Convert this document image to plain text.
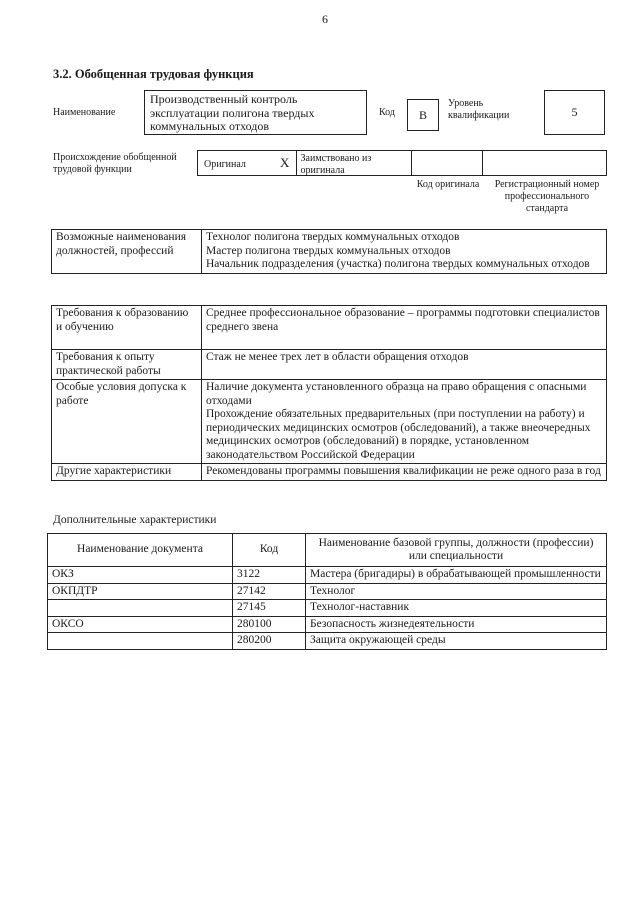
6
3.2. Обобщенная трудовая функция
Наименование
Производственный контроль эксплуатации полигона твердых коммунальных отходов
Код	В
Уровень квалификации	5
Происхождение обобщенной трудовой функции	Оригинал	X Заимствовано из оригинала
Код оригинала	Регистрационный номер профессионального стандарта
Возможные наименования должностей, профессий	
Технолог полигона твердых коммунальных отходов
Мастер полигона твердых коммунальных отходов
Начальник подразделения (участка) полигона твердых коммунальных отходов
Требования к образованию и обучению	Среднее профессиональное образование – программы подготовки специалистов среднего звена
Требования к опыту практической работы	Стаж не менее трех лет в области обращения отходов
Особые условия допуска к работе	Наличие документа установленного образца на право обращения с опасными отходами
Прохождение обязательных предварительных (при поступлении на работу) и периодических медицинских осмотров (обследований), а также внеочередных медицинских осмотров (обследований) в порядке, установленном законодательством Российской Федерации

Другие характеристики	Рекомендованы программы повышения квалификации не реже одного раза в год
Дополнительные характеристики
Наименование документа	Код	Наименование базовой группы, должности (профессии) или специальности
ОКЗ	3122	Мастера (бригадиры) в обрабатывающей промышленности
ОКПДТР	27142	Технолог
	27145	Технолог-наставник
ОКСО	280100	Безопасность жизнедеятельности
	280200	Защита окружающей среды
